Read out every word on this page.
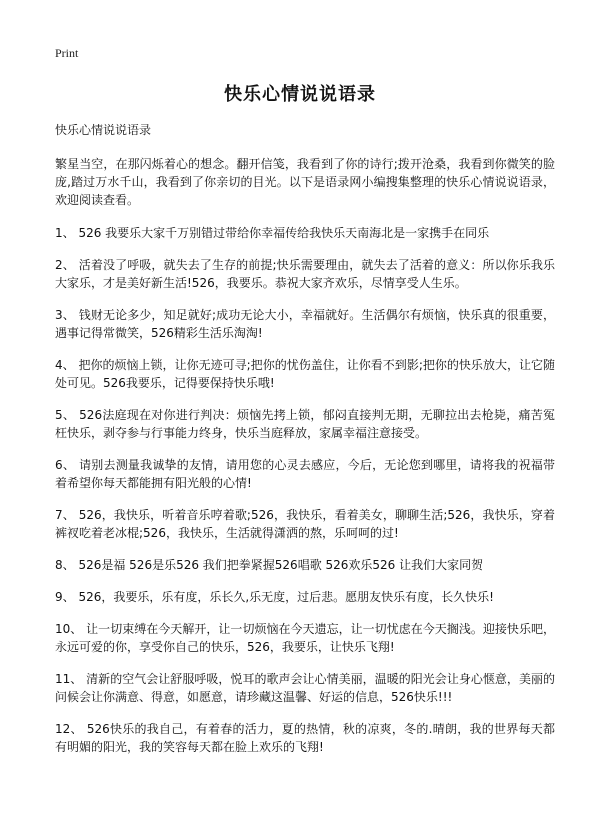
Print
快乐心情说说语录

快乐心情说说语录

繁星当空，在那闪烁着心的想念。翻开信笺，我看到了你的诗行;拨开沧桑，我看到你微笑的脸庞,踏过万水千山，我看到了你亲切的目光。以下是语录网小编搜集整理的快乐心情说说语录，欢迎阅读查看。

1、 526 我要乐大家千万别错过带给你幸福传给我快乐天南海北是一家携手在同乐

2、 活着没了呼吸，就失去了生存的前提;快乐需要理由，就失去了活着的意义：所以你乐我乐大家乐，才是美好新生活!526，我要乐。恭祝大家齐欢乐，尽情享受人生乐。

3、 钱财无论多少，知足就好;成功无论大小，幸福就好。生活偶尔有烦恼，快乐真的很重要，遇事记得常微笑，526精彩生活乐淘淘!

4、 把你的烦恼上锁，让你无迹可寻;把你的忧伤盖住，让你看不到影;把你的快乐放大，让它随处可见。526我要乐，记得要保持快乐哦!

5、 526法庭现在对你进行判决：烦恼先拷上锁，郁闷直接判无期，无聊拉出去枪毙，痛苦冤枉快乐，剥夺参与行事能力终身，快乐当庭释放，家属幸福注意接受。

6、 请别去测量我诚挚的友情，请用您的心灵去感应，今后，无论您到哪里，请将我的祝福带着希望你每天都能拥有阳光般的心情!

7、 526，我快乐，听着音乐哼着歌;526，我快乐，看着美女，聊聊生活;526，我快乐，穿着裤衩吃着老冰棍;526，我快乐，生活就得潇洒的熬，乐呵呵的过!

8、 526是福 526是乐526 我们把拳紧握526唱歌 526欢乐526 让我们大家同贺

9、 526，我要乐，乐有度，乐长久,乐无度，过后悲。愿朋友快乐有度，长久快乐!

10、 让一切束缚在今天解开，让一切烦恼在今天遗忘，让一切忧虑在今天搁浅。迎接快乐吧，永远可爱的你，享受你自己的快乐，526，我要乐，让快乐飞翔!

11、 清新的空气会让舒服呼吸，悦耳的歌声会让心情美丽，温暖的阳光会让身心惬意，美丽的问候会让你满意、得意，如愿意，请珍藏这温馨、好运的信息，526快乐!!!

12、 526快乐的我自己，有着春的活力，夏的热情，秋的凉爽，冬的.晴朗，我的世界每天都有明媚的阳光，我的笑容每天都在脸上欢乐的飞翔!
